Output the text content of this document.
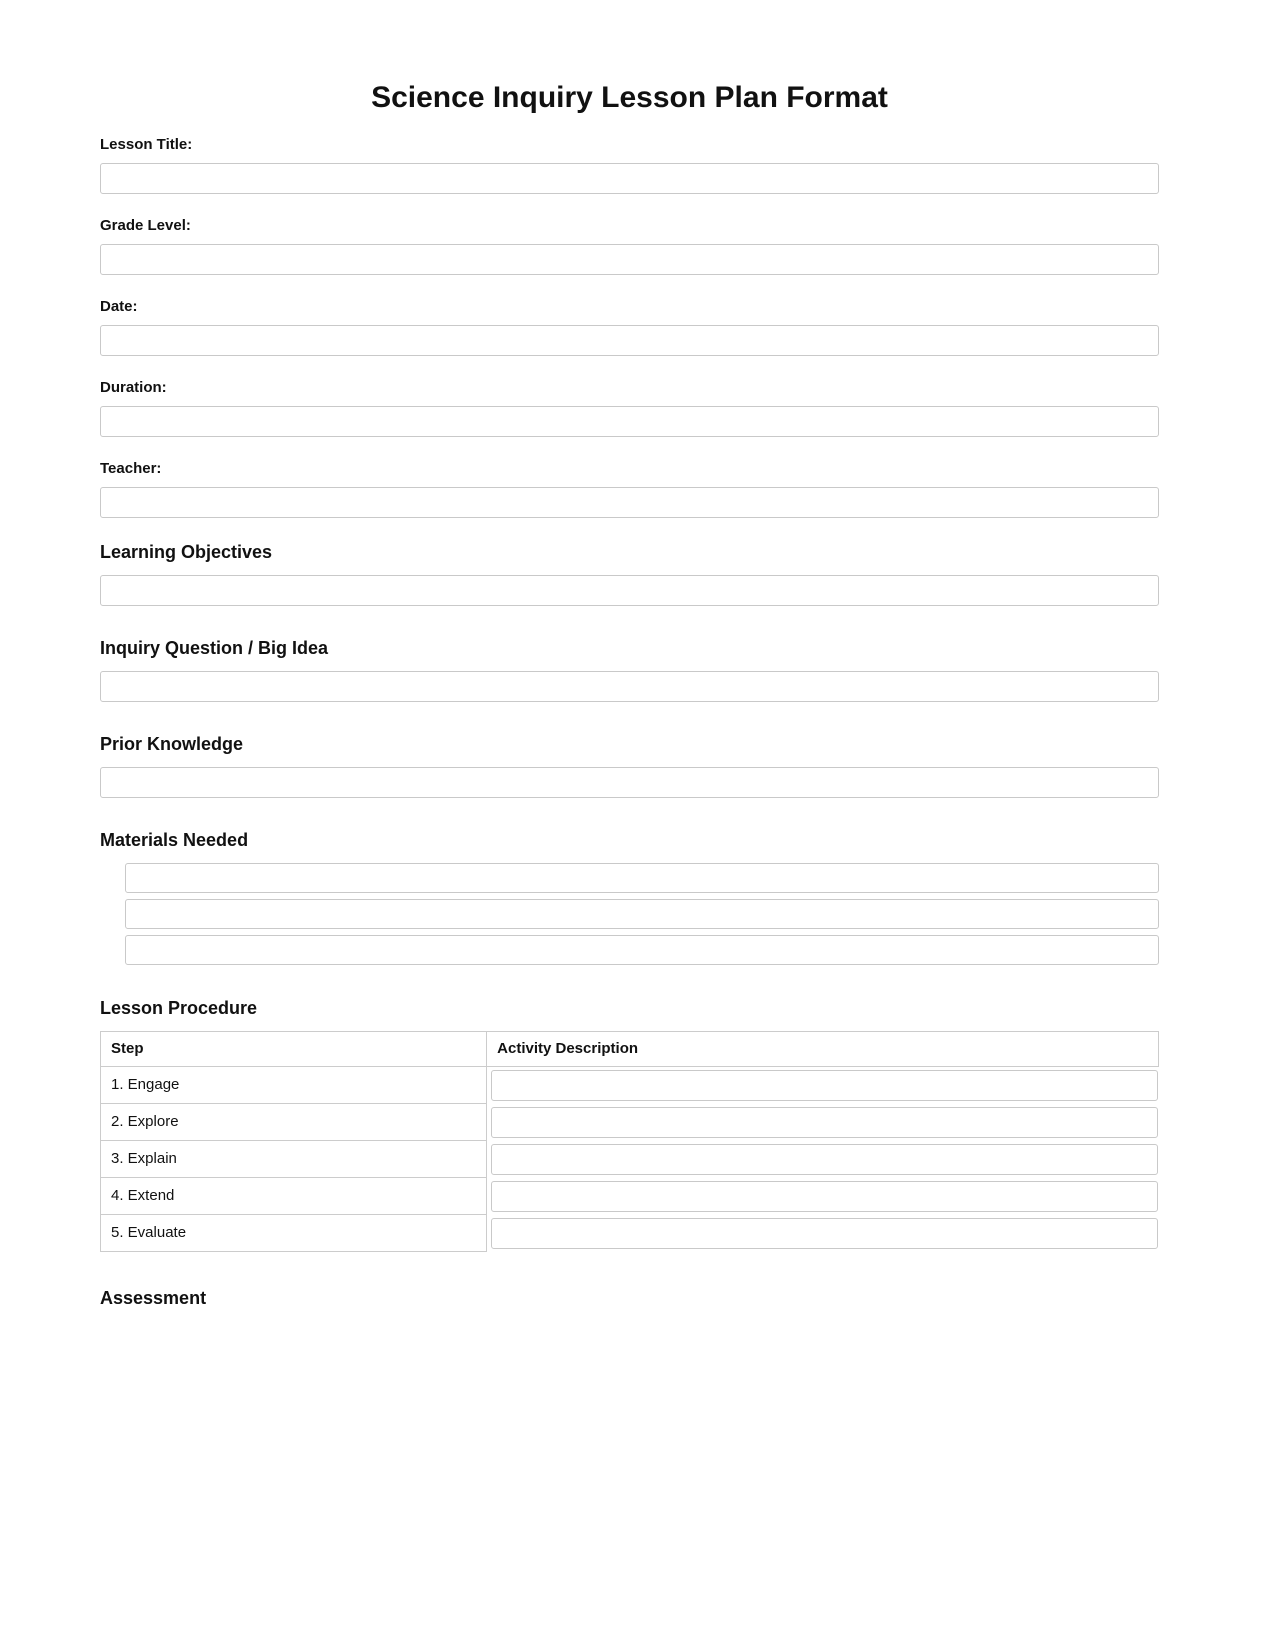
Science Inquiry Lesson Plan Format
Lesson Title:
Grade Level:
Date:
Duration:
Teacher:
Learning Objectives
Inquiry Question / Big Idea
Prior Knowledge
Materials Needed
Lesson Procedure
Step	Activity Description
1. Engage	

2. Explore	

3. Explain	

4. Extend	

5. Evaluate	
Assessment
